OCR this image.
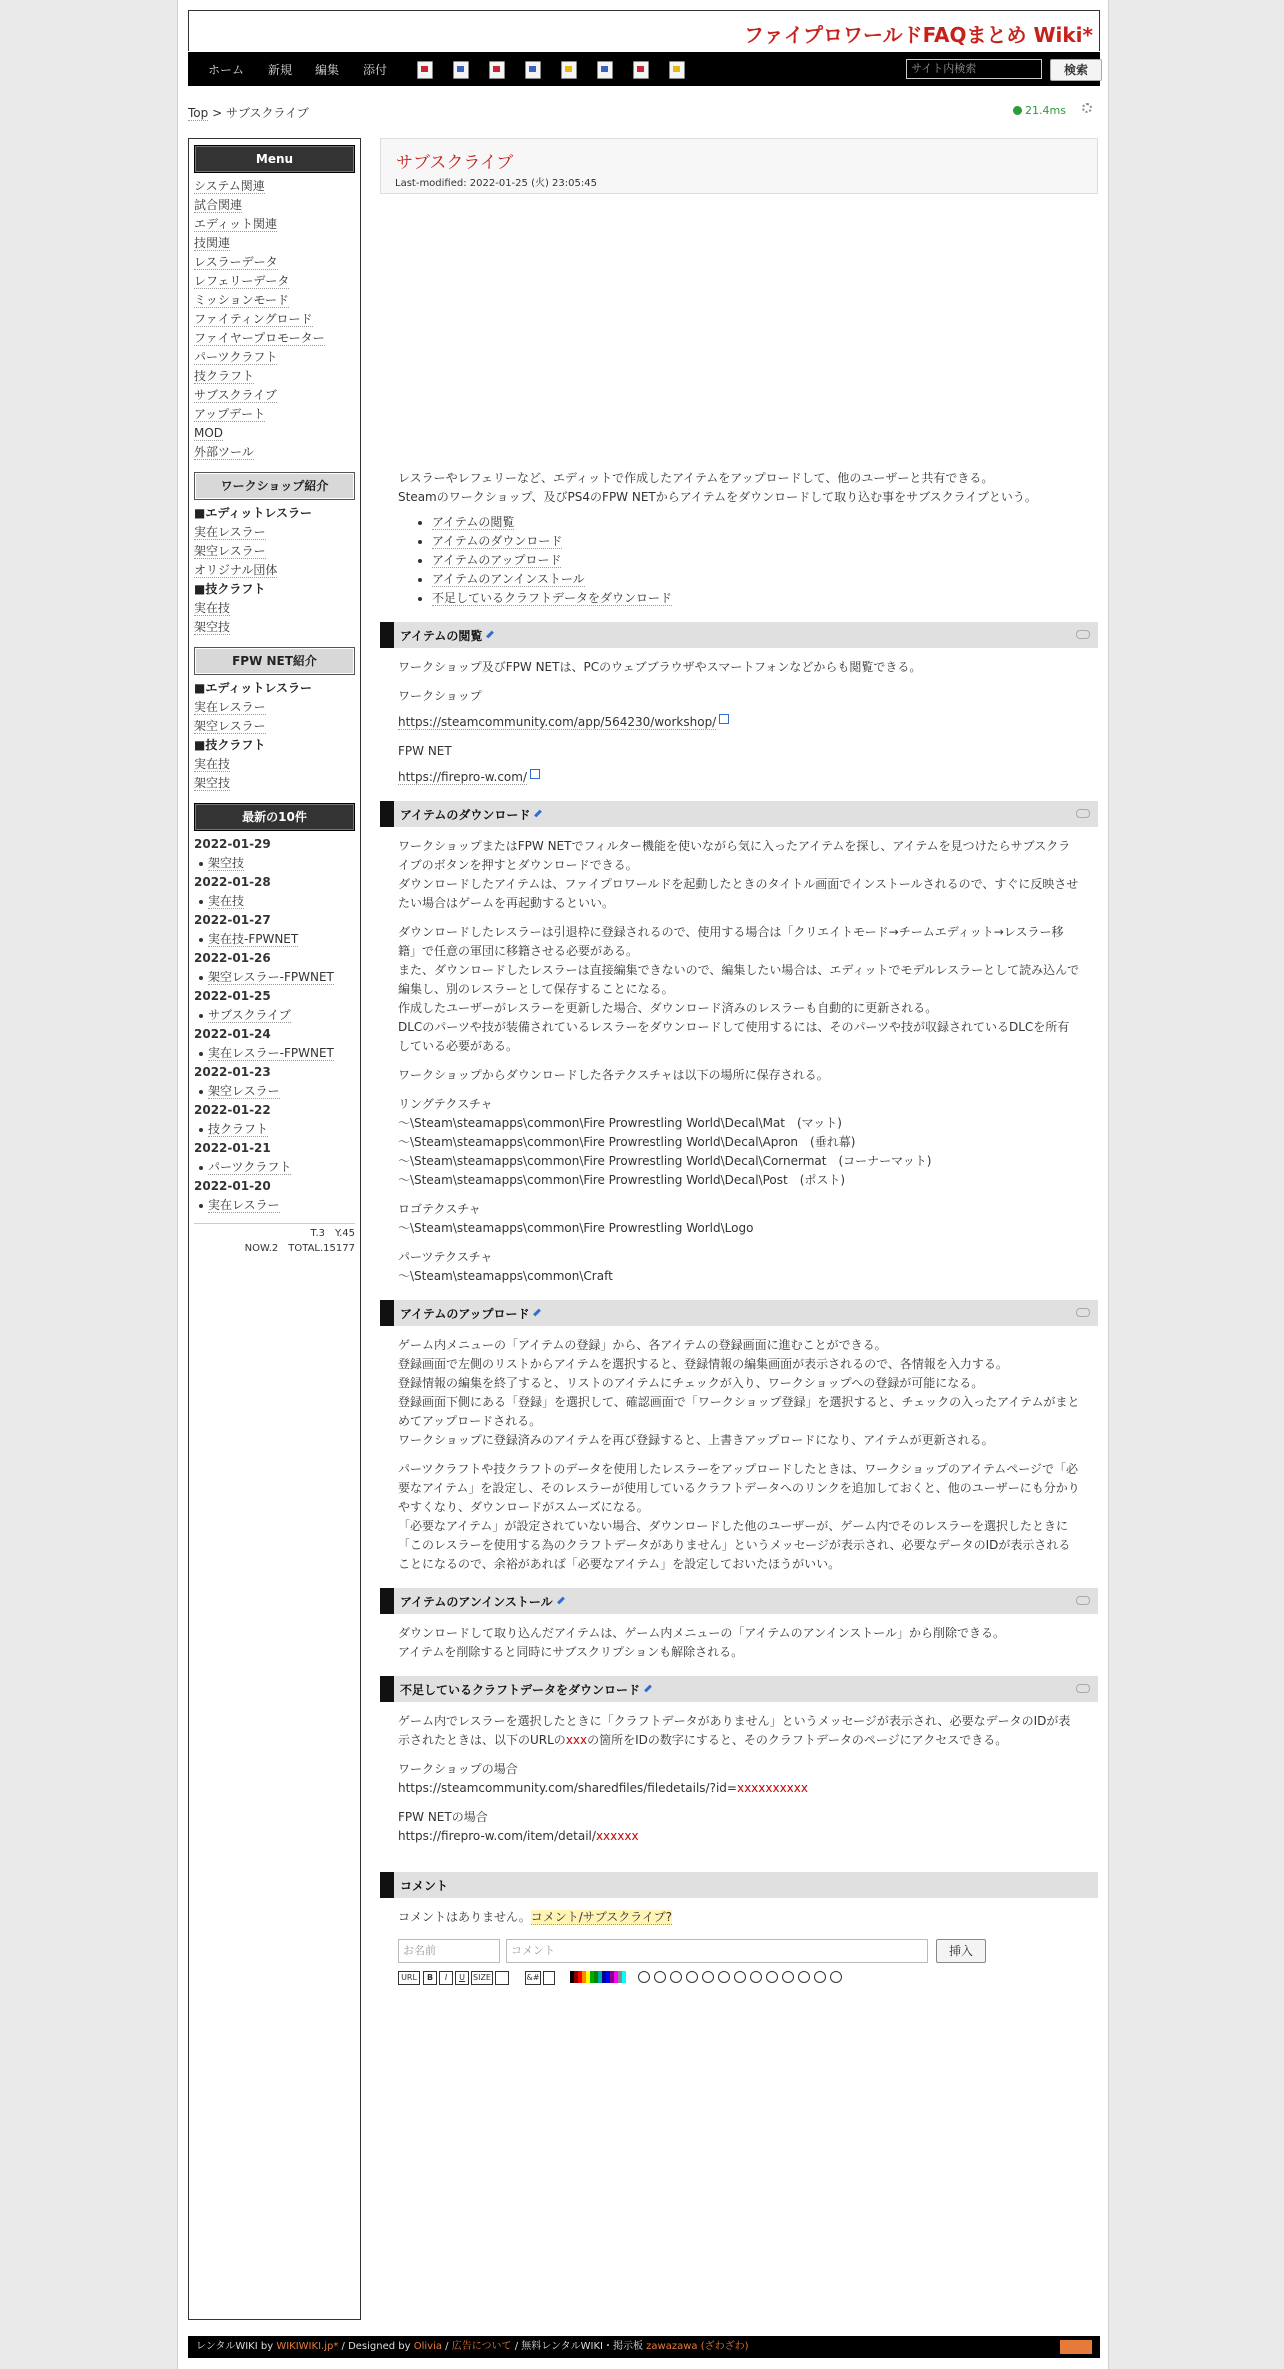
ファイプロワールドFAQまとめ Wiki*
ホーム 新規 編集 添付	サイト内検索	検索
Top > サブスクライブ	21.4ms
Menu
システム関連
試合関連
エディット関連
技関連
レスラーデータ
レフェリーデータ
ミッションモード
ファイティングロード
ファイヤープロモーター
パーツクラフト
技クラフト
サブスクライブ
アップデート
MOD
外部ツール
ワークショップ紹介
■エディットレスラー
実在レスラー
架空レスラー
オリジナル団体
■技クラフト
実在技
架空技
FPW NET紹介
■エディットレスラー
実在レスラー
架空レスラー
■技クラフト
実在技
架空技
最新の10件
2022-01-29
架空技
2022-01-28
実在技
2022-01-27
実在技-FPWNET
2022-01-26
架空レスラー-FPWNET
2022-01-25
サブスクライブ
2022-01-24
実在レスラー-FPWNET
2022-01-23
架空レスラー
2022-01-22
技クラフト
2022-01-21
パーツクラフト
2022-01-20
実在レスラー
T.3 Y.45
NOW.2 TOTAL.15177
サブスクライブ
Last-modified: 2022-01-25 (火) 23:05:45
レスラーやレフェリーなど、エディットで作成したアイテムをアップロードして、他のユーザーと共有できる。
Steamのワークショップ、及びPS4のFPW NETからアイテムをダウンロードして取り込む事をサブスクライブという。
• アイテムの閲覧
• アイテムのダウンロード
• アイテムのアップロード
• アイテムのアンインストール
• 不足しているクラフトデータをダウンロード
アイテムの閲覧
ワークショップ及びFPW NETは、PCのウェブブラウザやスマートフォンなどからも閲覧できる。
ワークショップ
https://steamcommunity.com/app/564230/workshop/
FPW NET
https://firepro-w.com/
アイテムのダウンロード
ワークショップまたはFPW NETでフィルター機能を使いながら気に入ったアイテムを探し、アイテムを見つけたらサブスクライブのボタンを押すとダウンロードできる。
ダウンロードしたアイテムは、ファイプロワールドを起動したときのタイトル画面でインストールされるので、すぐに反映させたい場合はゲームを再起動するといい。
ダウンロードしたレスラーは引退枠に登録されるので、使用する場合は「クリエイトモード→チームエディット→レスラー移籍」で任意の軍団に移籍させる必要がある。
また、ダウンロードしたレスラーは直接編集できないので、編集したい場合は、エディットでモデルレスラーとして読み込んで編集し、別のレスラーとして保存することになる。
作成したユーザーがレスラーを更新した場合、ダウンロード済みのレスラーも自動的に更新される。
DLCのパーツや技が装備されているレスラーをダウンロードして使用するには、そのパーツや技が収録されているDLCを所有している必要がある。
ワークショップからダウンロードした各テクスチャは以下の場所に保存される。
リングテクスチャ
～\Steam\steamapps\common\Fire Prowrestling World\Decal\Mat　(マット)
～\Steam\steamapps\common\Fire Prowrestling World\Decal\Apron　(垂れ幕)
～\Steam\steamapps\common\Fire Prowrestling World\Decal\Cornermat　(コーナーマット)
～\Steam\steamapps\common\Fire Prowrestling World\Decal\Post　(ポスト)
ロゴテクスチャ
～\Steam\steamapps\common\Fire Prowrestling World\Logo
パーツテクスチャ
～\Steam\steamapps\common\Craft
アイテムのアップロード
ゲーム内メニューの「アイテムの登録」から、各アイテムの登録画面に進むことができる。
登録画面で左側のリストからアイテムを選択すると、登録情報の編集画面が表示されるので、各情報を入力する。
登録情報の編集を終了すると、リストのアイテムにチェックが入り、ワークショップへの登録が可能になる。
登録画面下側にある「登録」を選択して、確認画面で「ワークショップ登録」を選択すると、チェックの入ったアイテムがまとめてアップロードされる。
ワークショップに登録済みのアイテムを再び登録すると、上書きアップロードになり、アイテムが更新される。
パーツクラフトや技クラフトのデータを使用したレスラーをアップロードしたときは、ワークショップのアイテムページで「必要なアイテム」を設定し、そのレスラーが使用しているクラフトデータへのリンクを追加しておくと、他のユーザーにも分かりやすくなり、ダウンロードがスムーズになる。
「必要なアイテム」が設定されていない場合、ダウンロードした他のユーザーが、ゲーム内でそのレスラーを選択したときに「このレスラーを使用する為のクラフトデータがありません」というメッセージが表示され、必要なデータのIDが表示されることになるので、余裕があれば「必要なアイテム」を設定しておいたほうがいい。
アイテムのアンインストール
ダウンロードして取り込んだアイテムは、ゲーム内メニューの「アイテムのアンインストール」から削除できる。
アイテムを削除すると同時にサブスクリプションも解除される。
不足しているクラフトデータをダウンロード
ゲーム内でレスラーを選択したときに「クラフトデータがありません」というメッセージが表示され、必要なデータのIDが表示されたときは、以下のURLのxxxの箇所をIDの数字にすると、そのクラフトデータのページにアクセスできる。
ワークショップの場合
https://steamcommunity.com/sharedfiles/filedetails/?id=xxxxxxxxxx
FPW NETの場合
https://firepro-w.com/item/detail/xxxxxx
コメント
コメントはありません。コメント/サブスクライブ?
お名前	コメント	挿入
URL	B	I	U	SIZE	&#
レンタルWIKI by WIKIWIKI.jp* / Designed by Olivia / 広告について / 無料レンタルWIKI・掲示板 zawazawa (ざわざわ)
